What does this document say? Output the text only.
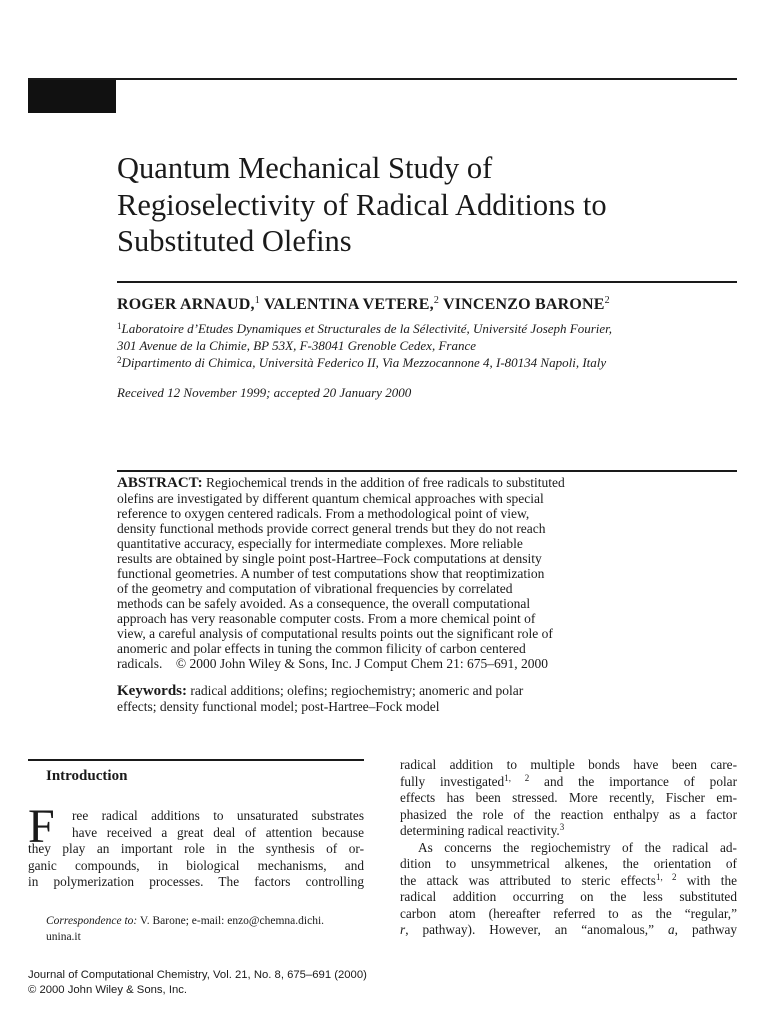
Quantum Mechanical Study of
Regioselectivity of Radical Additions to
Substituted Olefins
ROGER ARNAUD,$^1$ VALENTINA VETERE,$^2$ VINCENZO BARONE$^2$
$^1$Laboratoire d’Etudes Dynamiques et Structurales de la Sélectivité, Université Joseph Fourier,
301 Avenue de la Chimie, BP 53X, F-38041 Grenoble Cedex, France
$^2$Dipartimento di Chimica, Università Federico II, Via Mezzocannone 4, I-80134 Napoli, Italy
Received 12 November 1999; accepted 20 January 2000
ABSTRACT: Regiochemical trends in the addition of free radicals to substituted
olefins are investigated by different quantum chemical approaches with special
reference to oxygen centered radicals. From a methodological point of view,
density functional methods provide correct general trends but they do not reach
quantitative accuracy, especially for intermediate complexes. More reliable
results are obtained by single point post-Hartree–Fock computations at density
functional geometries. A number of test computations show that reoptimization
of the geometry and computation of vibrational frequencies by correlated
methods can be safely avoided. As a consequence, the overall computational
approach has very reasonable computer costs. From a more chemical point of
view, a careful analysis of computational results points out the significant role of
anomeric and polar effects in tuning the common filicity of carbon centered
radicals. © 2000 John Wiley & Sons, Inc. J Comput Chem 21: 675–691, 2000
Keywords: radical additions; olefins; regiochemistry; anomeric and polar
effects; density functional model; post-Hartree–Fock model
Introduction
F	ree radical additions to unsaturated substrates
have received a great deal of attention because
they play an important role in the synthesis of or-
ganic compounds, in biological mechanisms, and
in polymerization processes. The factors controlling
radical addition to multiple bonds have been care-
fully investigated$^{1, 2}$ and the importance of polar
effects has been stressed. More recently, Fischer em-
phasized the role of the reaction enthalpy as a factor
determining radical reactivity.$^3$
As concerns the regiochemistry of the radical ad-
dition to unsymmetrical alkenes, the orientation of
the attack was attributed to steric effects$^{1, 2}$ with the
radical addition occurring on the less substituted
carbon atom (hereafter referred to as the “regular,”
r, pathway). However, an “anomalous,” a, pathway
Correspondence to: V. Barone; e-mail: enzo@chemna.dichi.
unina.it
Journal of Computational Chemistry, Vol. 21, No. 8, 675–691 (2000)
© 2000 John Wiley & Sons, Inc.
